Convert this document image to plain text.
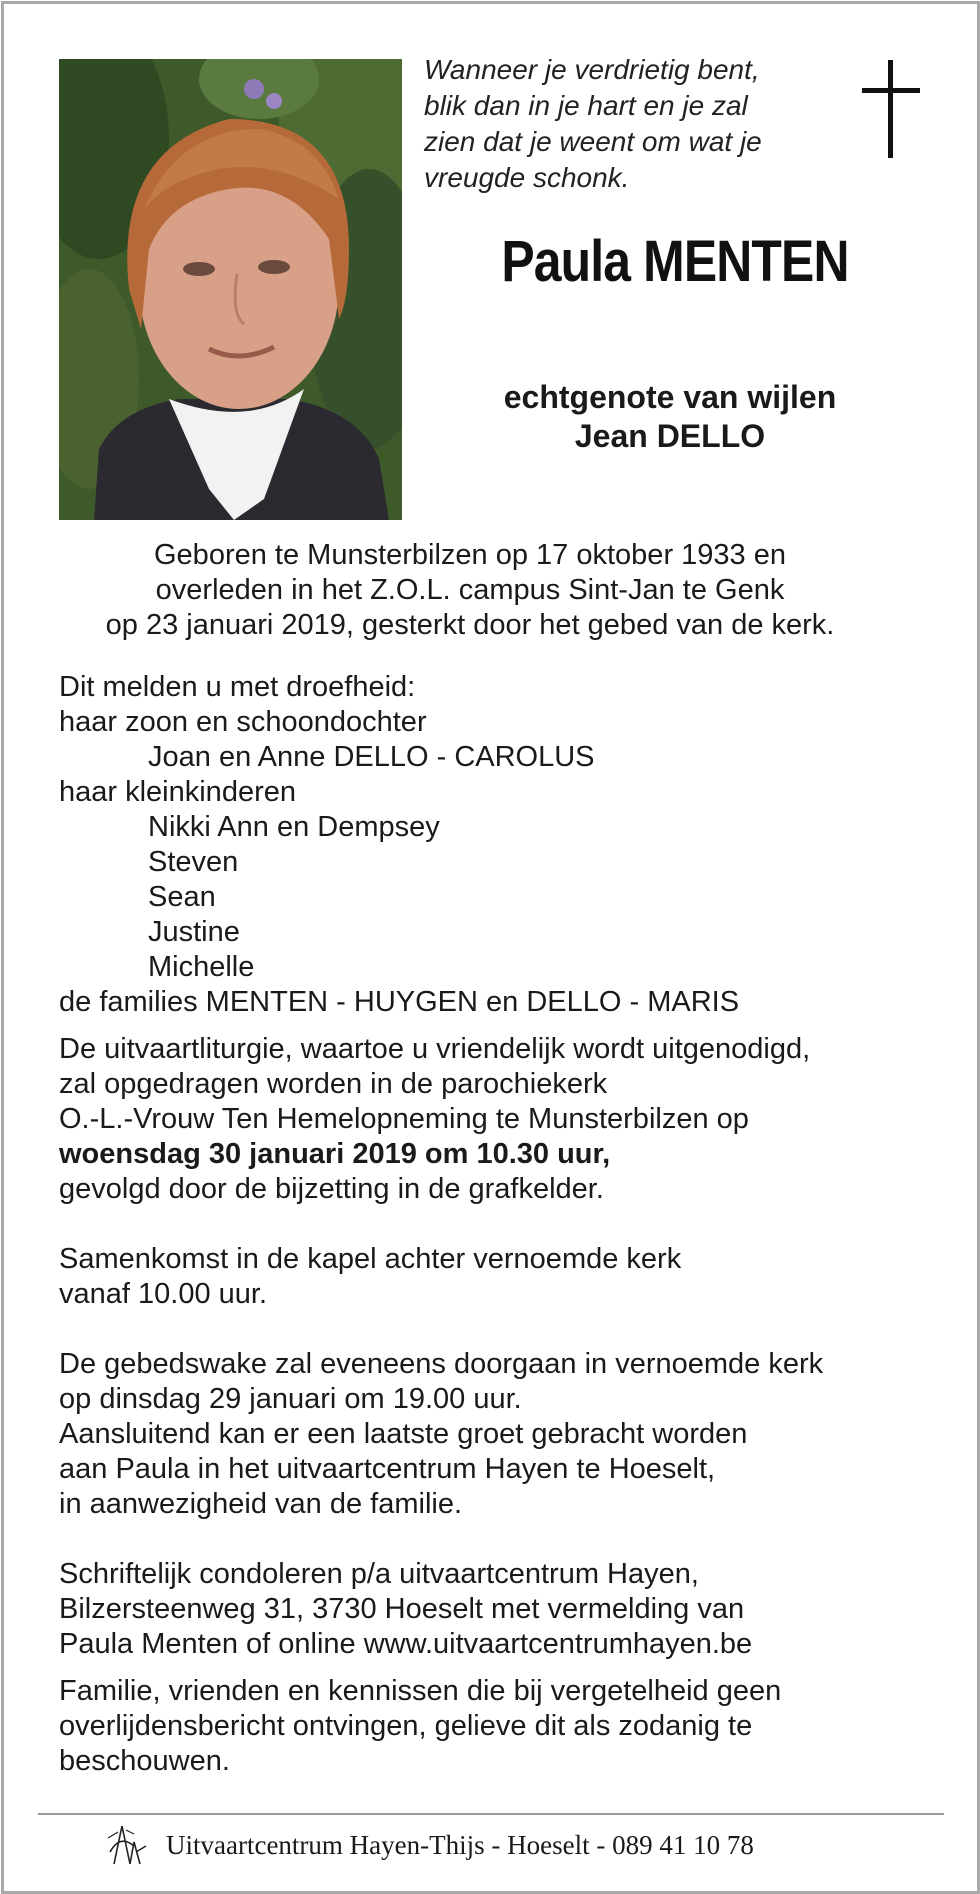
Wanneer je verdrietig bent,
blik dan in je hart en je zal
zien dat je weent om wat je
vreugde schonk.
Paula MENTEN
echtgenote van wijlen
Jean DELLO
Geboren te Munsterbilzen op 17 oktober 1933 en
overleden in het Z.O.L. campus Sint-Jan te Genk
op 23 januari 2019, gesterkt door het gebed van de kerk.
Dit melden u met droefheid:
haar zoon en schoondochter
Joan en Anne DELLO - CAROLUS
haar kleinkinderen
Nikki Ann en Dempsey
Steven
Sean
Justine
Michelle
de families MENTEN - HUYGEN en DELLO - MARIS
De uitvaartliturgie, waartoe u vriendelijk wordt uitgenodigd,
zal opgedragen worden in de parochiekerk
O.-L.-Vrouw Ten Hemelopneming te Munsterbilzen op
woensdag 30 januari 2019 om 10.30 uur,
gevolgd door de bijzetting in de grafkelder.
Samenkomst in de kapel achter vernoemde kerk
vanaf 10.00 uur.
De gebedswake zal eveneens doorgaan in vernoemde kerk
op dinsdag 29 januari om 19.00 uur.
Aansluitend kan er een laatste groet gebracht worden
aan Paula in het uitvaartcentrum Hayen te Hoeselt,
in aanwezigheid van de familie.
Schriftelijk condoleren p/a uitvaartcentrum Hayen,
Bilzersteenweg 31, 3730 Hoeselt met vermelding van
Paula Menten of online www.uitvaartcentrumhayen.be
Familie, vrienden en kennissen die bij vergetelheid geen
overlijdensbericht ontvingen, gelieve dit als zodanig te
beschouwen.
Uitvaartcentrum Hayen-Thijs - Hoeselt - 089 41 10 78
